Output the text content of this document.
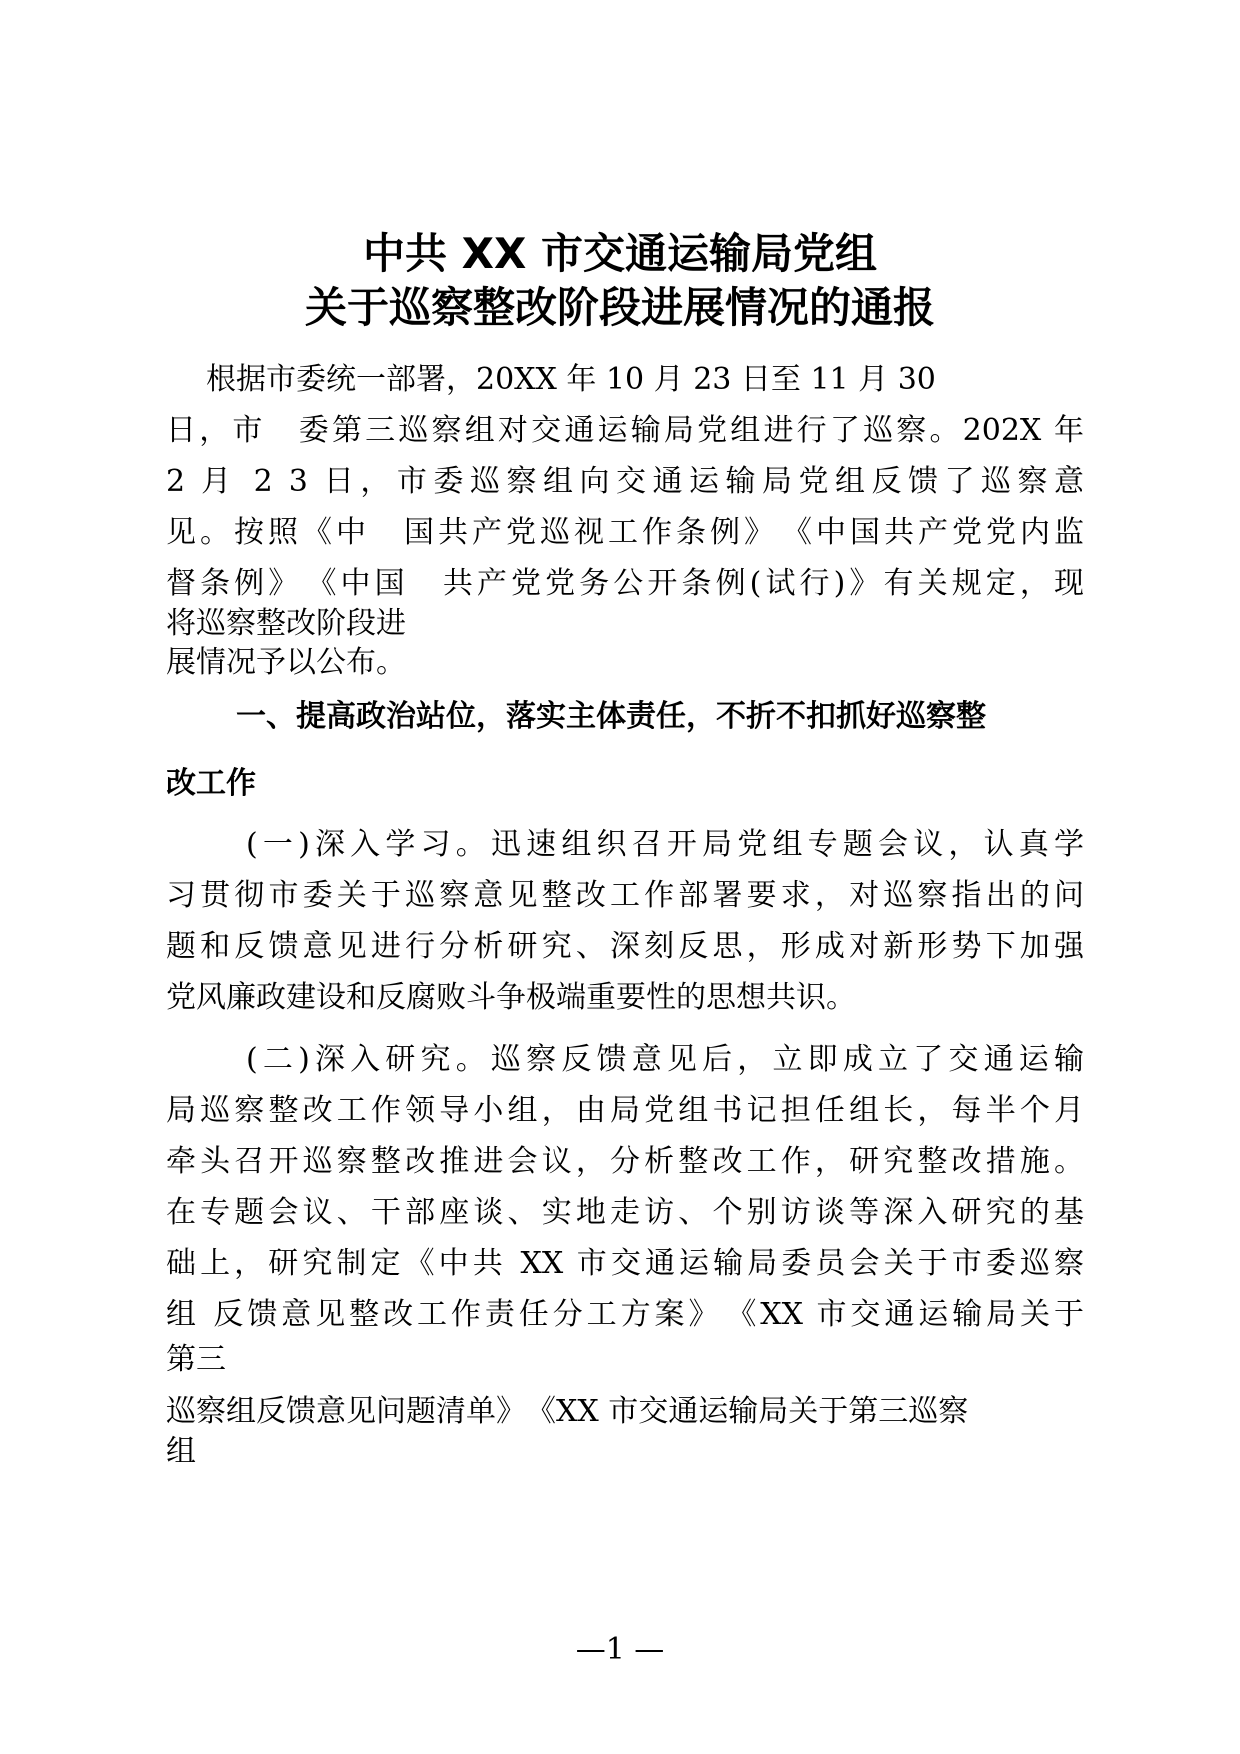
中共 XX 市交通运输局党组
关于巡察整改阶段进展情况的通报

根据市委统一部署，20XX 年 10 月 23 日至 11 月 30

日，市　委第三巡察组对交通运输局党组进行了巡察。202X 年

2 月 2 3 日，市委巡察组向交通运输局党组反馈了巡察意

见。按照《中　国共产党巡视工作条例》　《中国共产党党内监

督条例》　《中国　共产党党务公开条例(试行)》有关规定，现

将巡察整改阶段进

展情况予以公布。

一、提高政治站位，落实主体责任，不折不扣抓好巡察整

改工作

(一)深入学习。迅速组织召开局党组专题会议，认真学

习贯彻市委关于巡察意见整改工作部署要求，对巡察指出的问

题和反馈意见进行分析研究、深刻反思，形成对新形势下加强

党风廉政建设和反腐败斗争极端重要性的思想共识。

(二)深入研究。巡察反馈意见后，立即成立了交通运输

局巡察整改工作领导小组，由局党组书记担任组长，每半个月

牵头召开巡察整改推进会议，分析整改工作，研究整改措施。

在专题会议、干部座谈、实地走访、个别访谈等深入研究的基

础上，研究制定《中共 XX 市交通运输局委员会关于市委巡察

组 反馈意见整改工作责任分工方案》　《XX 市交通运输局关于

第三

巡察组反馈意见问题清单》　《XX 市交通运输局关于第三巡察

组

—1 —
